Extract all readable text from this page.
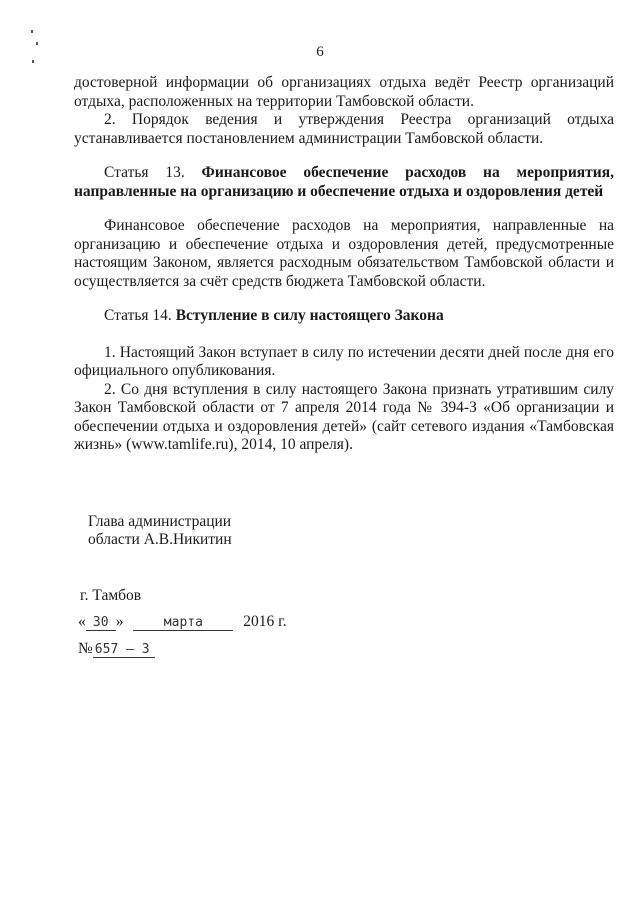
6

достоверной информации об организациях отдыха ведёт Реестр организаций отдыха, расположенных на территории Тамбовской области.

2. Порядок ведения и утверждения Реестра организаций отдыха устанавливается постановлением администрации Тамбовской области.

Статья 13. Финансовое обеспечение расходов на мероприятия, направленные на организацию и обеспечение отдыха и оздоровления детей

Финансовое обеспечение расходов на мероприятия, направленные на организацию и обеспечение отдыха и оздоровления детей, предусмотренные настоящим Законом, является расходным обязательством Тамбовской области и осуществляется за счёт средств бюджета Тамбовской области.

Статья 14. Вступление в силу настоящего Закона

1. Настоящий Закон вступает в силу по истечении десяти дней после дня его официального опубликования.

2. Со дня вступления в силу настоящего Закона признать утратившим силу Закон Тамбовской области от 7 апреля 2014 года № 394-З «Об организации и обеспечении отдыха и оздоровления детей» (сайт сетевого издания «Тамбовская жизнь» (www.tamlife.ru), 2014, 10 апреля).

Глава администрации
области А.В.Никитин

г. Тамбов

« 30 »	марта	2016 г.

№ 657 – З
